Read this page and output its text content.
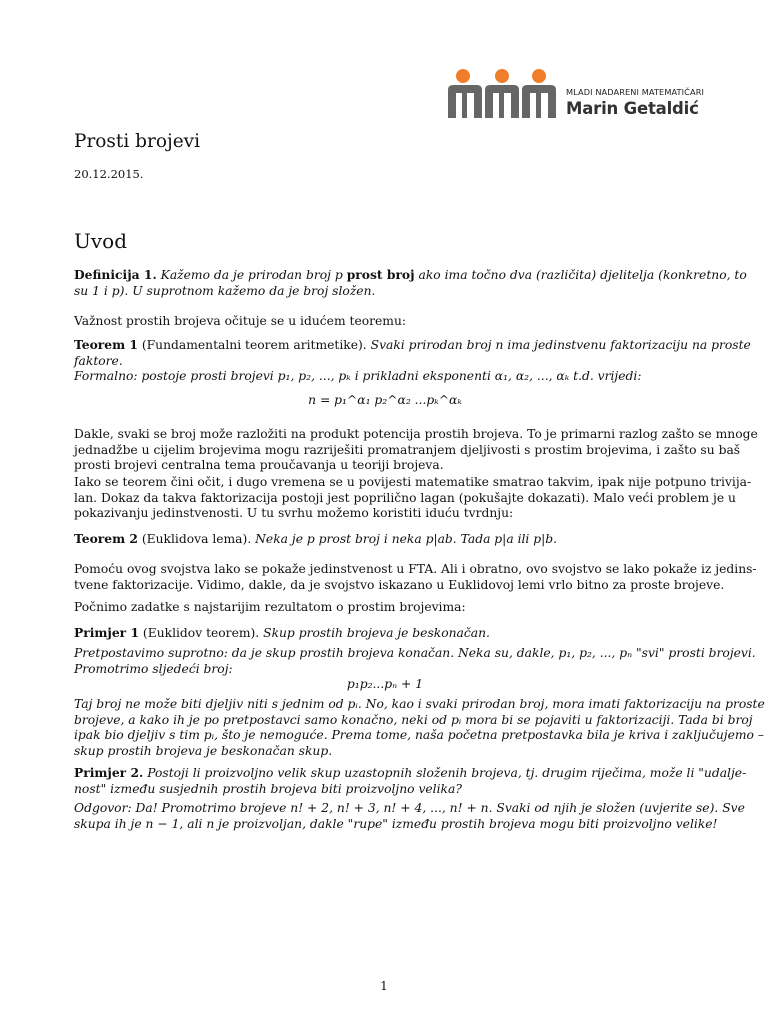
MLADI NADARENI MATEMATIČARI
Marin Getaldić
Prosti brojevi
20.12.2015.
Uvod
Definicija 1. Kažemo da je prirodan broj p prost broj ako ima točno dva (različita) djelitelja (konkretno, to
su 1 i p). U suprotnom kažemo da je broj složen.
Važnost prostih brojeva očituje se u idućem teoremu:
Teorem 1 (Fundamentalni teorem aritmetike). Svaki prirodan broj n ima jedinstvenu faktorizaciju na proste
faktore.
Formalno: postoje prosti brojevi p₁, p₂, ..., pₖ i prikladni eksponenti α₁, α₂, ..., αₖ t.d. vrijedi:
n = p₁^α₁ p₂^α₂ ...pₖ^αₖ
Dakle, svaki se broj može razložiti na produkt potencija prostih brojeva. To je primarni razlog zašto se mnoge
jednadžbe u cijelim brojevima mogu razriješiti promatranjem djeljivosti s prostim brojevima, i zašto su baš
prosti brojevi centralna tema proučavanja u teoriji brojeva.
Iako se teorem čini očit, i dugo vremena se u povijesti matematike smatrao takvim, ipak nije potpuno trivija-
lan. Dokaz da takva faktorizacija postoji jest poprilično lagan (pokušajte dokazati). Malo veći problem je u
pokazivanju jedinstvenosti. U tu svrhu možemo koristiti iduću tvrdnju:
Teorem 2 (Euklidova lema). Neka je p prost broj i neka p|ab. Tada p|a ili p|b.
Pomoću ovog svojstva lako se pokaže jedinstvenost u FTA. Ali i obratno, ovo svojstvo se lako pokaže iz jedins-
tvene faktorizacije. Vidimo, dakle, da je svojstvo iskazano u Euklidovoj lemi vrlo bitno za proste brojeve.
Počnimo zadatke s najstarijim rezultatom o prostim brojevima:
Primjer 1 (Euklidov teorem). Skup prostih brojeva je beskonačan.
Pretpostavimo suprotno: da je skup prostih brojeva konačan. Neka su, dakle, p₁, p₂, ..., pₙ "svi" prosti brojevi.
Promotrimo sljedeći broj:
p₁p₂...pₙ + 1
Taj broj ne može biti djeljiv niti s jednim od pᵢ. No, kao i svaki prirodan broj, mora imati faktorizaciju na proste
brojeve, a kako ih je po pretpostavci samo konačno, neki od pᵢ mora bi se pojaviti u faktorizaciji. Tada bi broj
ipak bio djeljiv s tim pᵢ, što je nemoguće. Prema tome, naša početna pretpostavka bila je kriva i zaključujemo –
skup prostih brojeva je beskonačan skup.
Primjer 2. Postoji li proizvoljno velik skup uzastopnih složenih brojeva, tj. drugim riječima, može li "udalje-
nost" između susjednih prostih brojeva biti proizvoljno velika?
Odgovor: Da! Promotrimo brojeve n! + 2, n! + 3, n! + 4, ..., n! + n. Svaki od njih je složen (uvjerite se). Sve
skupa ih je n − 1, ali n je proizvoljan, dakle "rupe" između prostih brojeva mogu biti proizvoljno velike!
1
